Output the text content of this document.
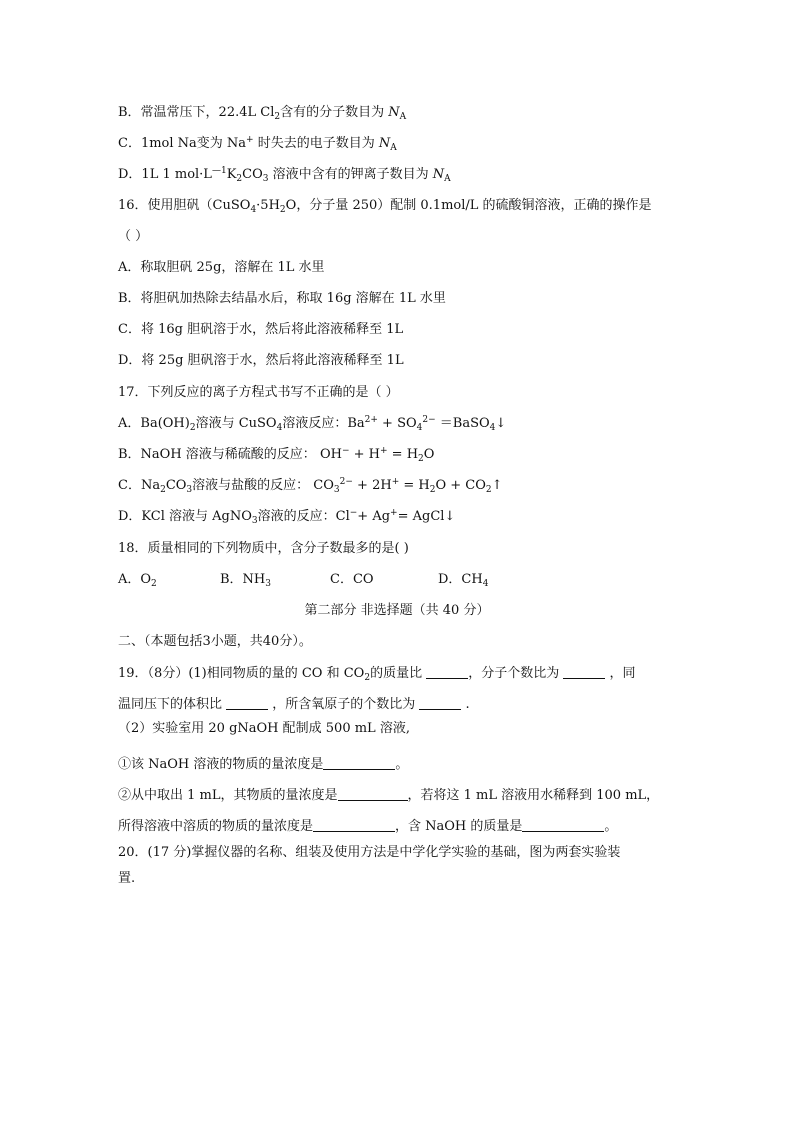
B．常温常压下，22.4L $Cl_2$含有的分子数目为 $N_A$
C．1mol Na变为 Na+ 时失去的电子数目为 $N_A$
D．1L 1 $mol\cdot L^{—1}K_2CO_3$ 溶液中含有的钾离子数目为 $N_A$
16．使用胆矾（$CuSO_4\cdot 5H_2O$，分子量 250）配制 0.1mol/L 的硫酸铜溶液，正确的操作是
（ ）
A．称取胆矾 25g，溶解在 1L 水里
B．将胆矾加热除去结晶水后，称取 16g 溶解在 1L 水里
C．将 16g 胆矾溶于水，然后将此溶液稀释至 1L
D．将 25g 胆矾溶于水，然后将此溶液稀释至 1L
17．下列反应的离子方程式书写不正确的是（ ）
A．$Ba(OH)_2$溶液与 CuSO$_4$溶液反应：$Ba^{2+} + SO_4^{2-}$ ＝BaSO$_4$↓
B．NaOH 溶液与稀硫酸的反应： $OH^- + H^+ = H_2O$
C．$Na_2CO_3$溶液与盐酸的反应： $CO_3^{2-} + 2H^+ = H_2O$ + $CO_2↑$
D．KCl 溶液与 AgNO$_3$溶液的反应：Cl−+ Ag+= AgCl↓
18．质量相同的下列物质中，含分子数最多的是( )
A．$O_2$	B．$NH_3$	C．CO	D．$CH_4$
第二部分 非选择题（共 40 分）
二、（本题包括3小题，共40分）。
19．（8分）(1)相同物质的量的 CO 和 $CO_2$的质量比	，分子个数比为	，同
温同压下的体积比	，所含氧原子的个数比为	.
（2）实验室用 20 gNaOH 配制成 500 mL 溶液,
①该 NaOH 溶液的物质的量浓度是	。
②从中取出 1 mL，其物质的量浓度是	，若将这 1 mL 溶液用水稀释到 100 mL，
所得溶液中溶质的物质的量浓度是	，含 NaOH 的质量是	。
20．(17 分)掌握仪器的名称、组装及使用方法是中学化学实验的基础，图为两套实验装
置.
